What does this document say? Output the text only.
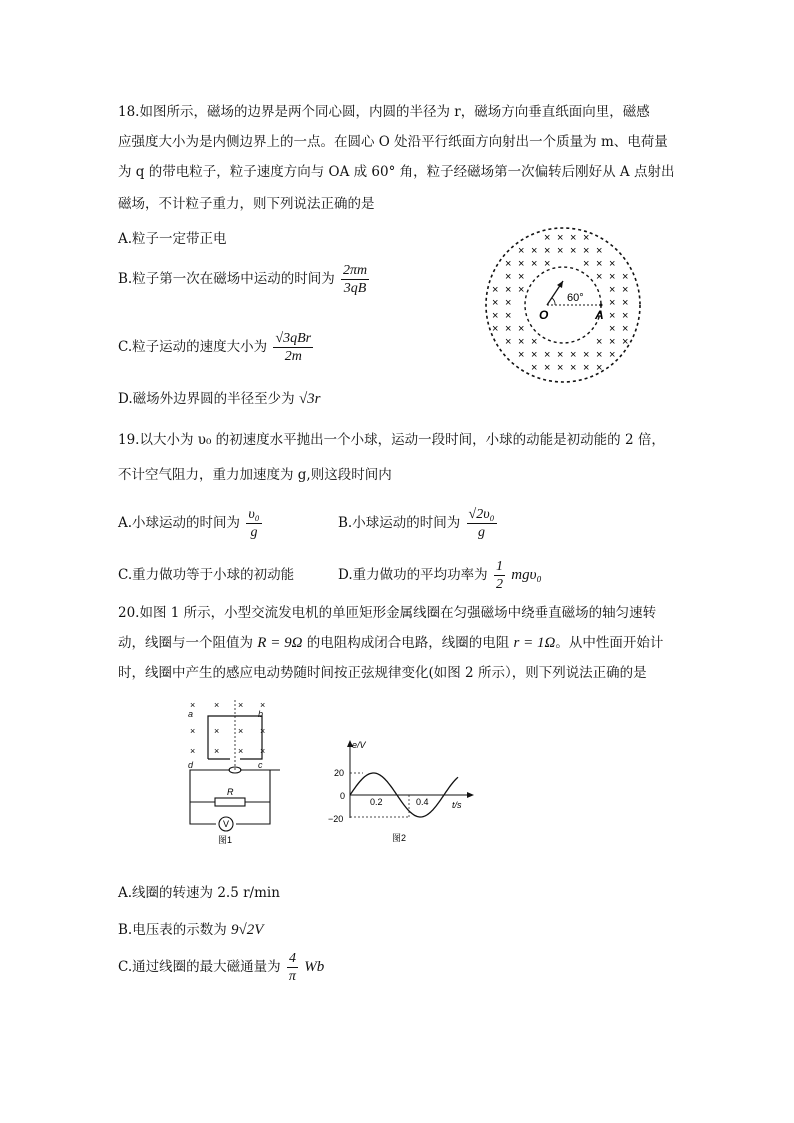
18.如图所示，磁场的边界是两个同心圆，内圆的半径为 r，磁场方向垂直纸面向里，磁感
应强度大小为是内侧边界上的一点。在圆心 O 处沿平行纸面方向射出一个质量为 m、电荷量
为 q 的带电粒子，粒子速度方向与 OA 成 60° 角，粒子经磁场第一次偏转后刚好从 A 点射出
磁场，不计粒子重力，则下列说法正确的是
A.粒子一定带正电
B.粒子第一次在磁场中运动的时间为 $\frac{2\pi m}{3qB}$
C.粒子运动的速度大小为 $\frac{\text{√3qBr}}{2m}$
D.磁场外边界圆的半径至少为 √3r
× × × ×
× × × × × × ×
× × × ×	× × ×
× ×	× × ×
× × ×	× ×
× ×	× ×
× ×	× ×
× × ×	× ×
× × ×	× × ×
× × × × × × × ×
× × × × × ×
O
60°
A
19.以大小为 υ₀ 的初速度水平抛出一个小球，运动一段时间，小球的动能是初动能的 2 倍，
不计空气阻力，重力加速度为 g,则这段时间内
A.小球运动的时间为 $\frac{\text{υ₀}}{g}$	B.小球运动的时间为 $\frac{\text{√2υ₀}}{g}$
C.重力做功等于小球的初动能	D.重力做功的平均功率为 $\frac{1}{2} mg\upsilon_0$
20.如图 1 所示，小型交流发电机的单匝矩形金属线圈在匀强磁场中绕垂直磁场的轴匀速转
动，线圈与一个阻值为 R = 9Ω 的电阻构成闭合电路，线圈的电阻 r = 1Ω。从中性面开始计
时，线圈中产生的感应电动势随时间按正弦规律变化(如图 2 所示），则下列说法正确的是
a	b
d	c
× × × ×
× × × ×
× × × ×
R
V
图1
e/V
t/s
20
0
−20
0.2	0.4
图2
A.线圈的转速为 2.5 r/min
B.电压表的示数为 9√2V
C.通过线圈的最大磁通量为 $\frac{4}{\pi}$ Wb
